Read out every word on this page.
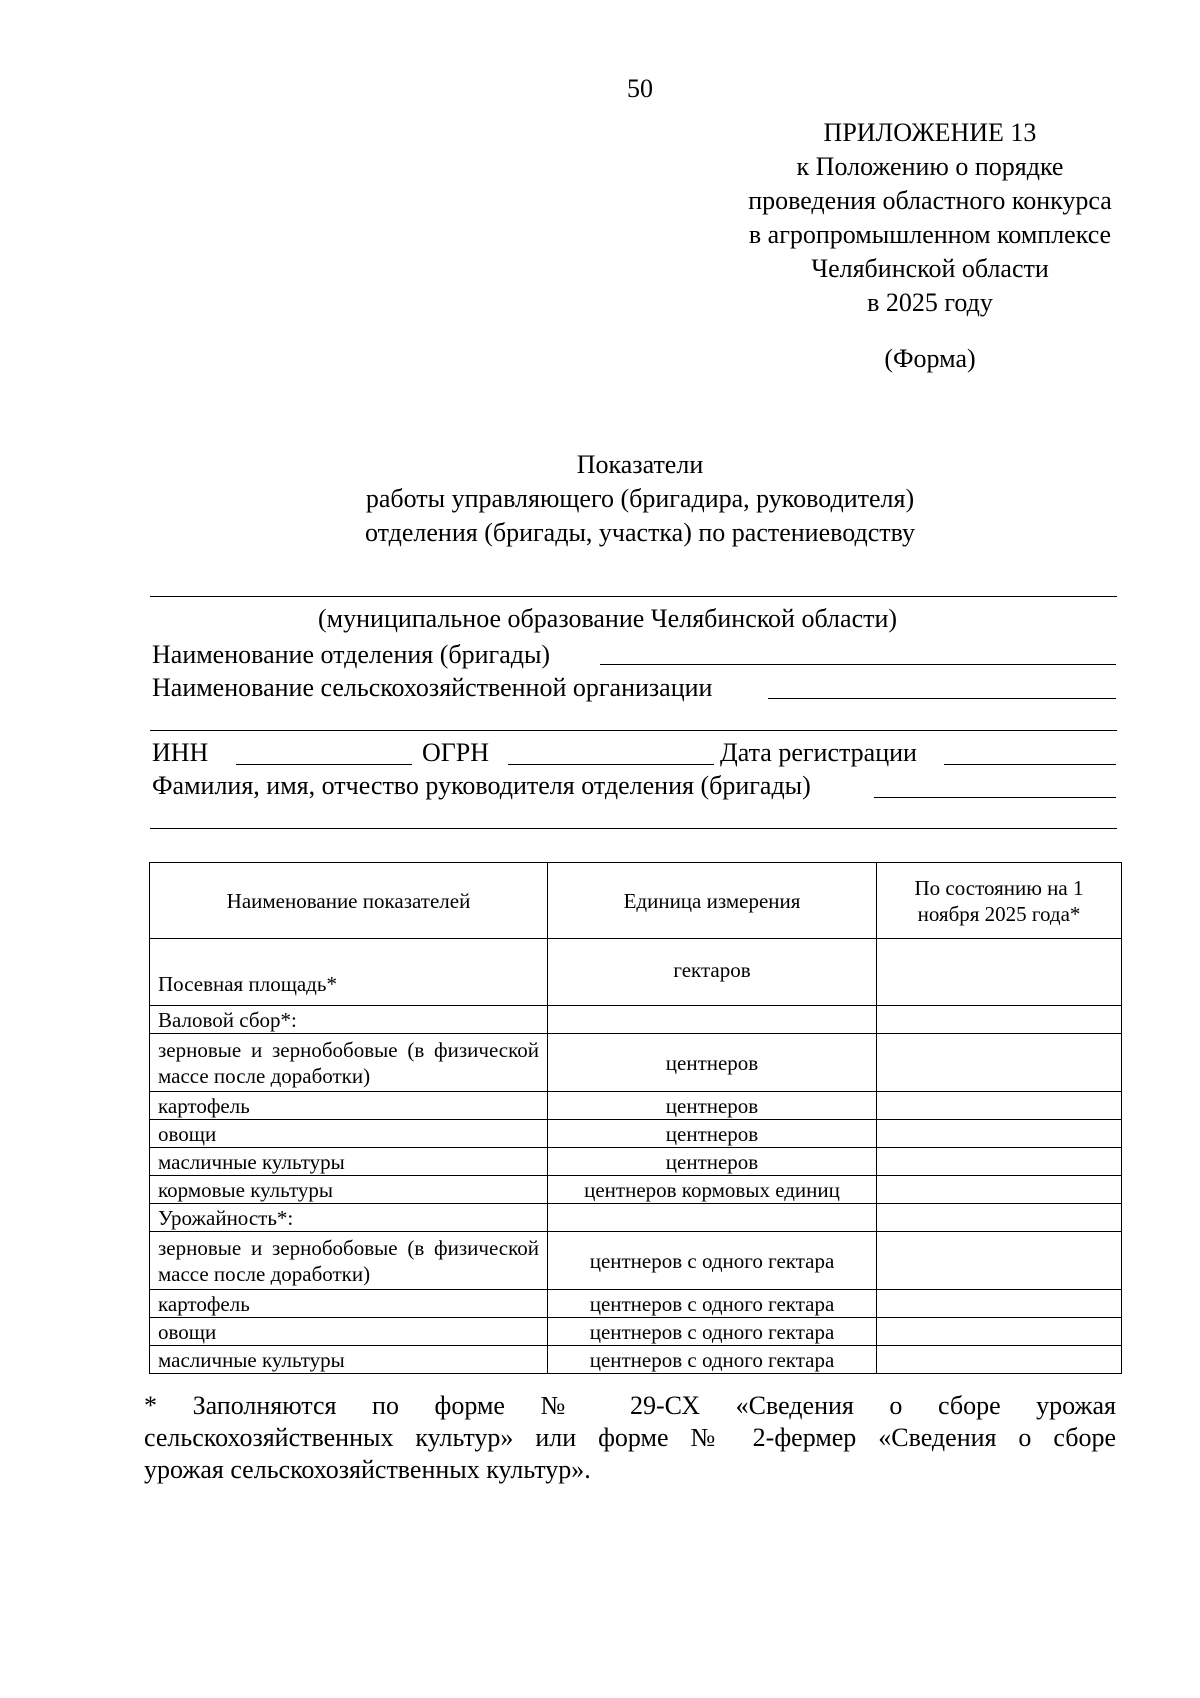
50
ПРИЛОЖЕНИЕ 13
к Положению о порядке
проведения областного конкурса
в агропромышленном комплексе
Челябинской области
в 2025 году
(Форма)
Показатели
работы управляющего (бригадира, руководителя)
отделения (бригады, участка) по растениеводству
(муниципальное образование Челябинской области)
Наименование отделения (бригады)
Наименование сельскохозяйственной организации
ИНН	ОГРН	Дата регистрации
Фамилия, имя, отчество руководителя отделения (бригады)
Наименование показателей	Единица измерения	По состоянию на 1 ноября 2025 года*
Посевная площадь*	гектаров	
Валовой сбор*:		
зерновые и зернобобовые (в физической массе после доработки)	центнеров	
картофель	центнеров	
овощи	центнеров	
масличные культуры	центнеров	
кормовые культуры	центнеров кормовых единиц	
Урожайность*:		
зерновые и зернобобовые (в физической массе после доработки)	центнеров с одного гектара	
картофель	центнеров с одного гектара	
овощи	центнеров с одного гектара	
масличные культуры	центнеров с одного гектара	
* Заполняются по форме № 29-СХ «Сведения о сборе урожая
сельскохозяйственных культур» или форме № 2-фермер «Сведения о сборе
урожая сельскохозяйственных культур».
